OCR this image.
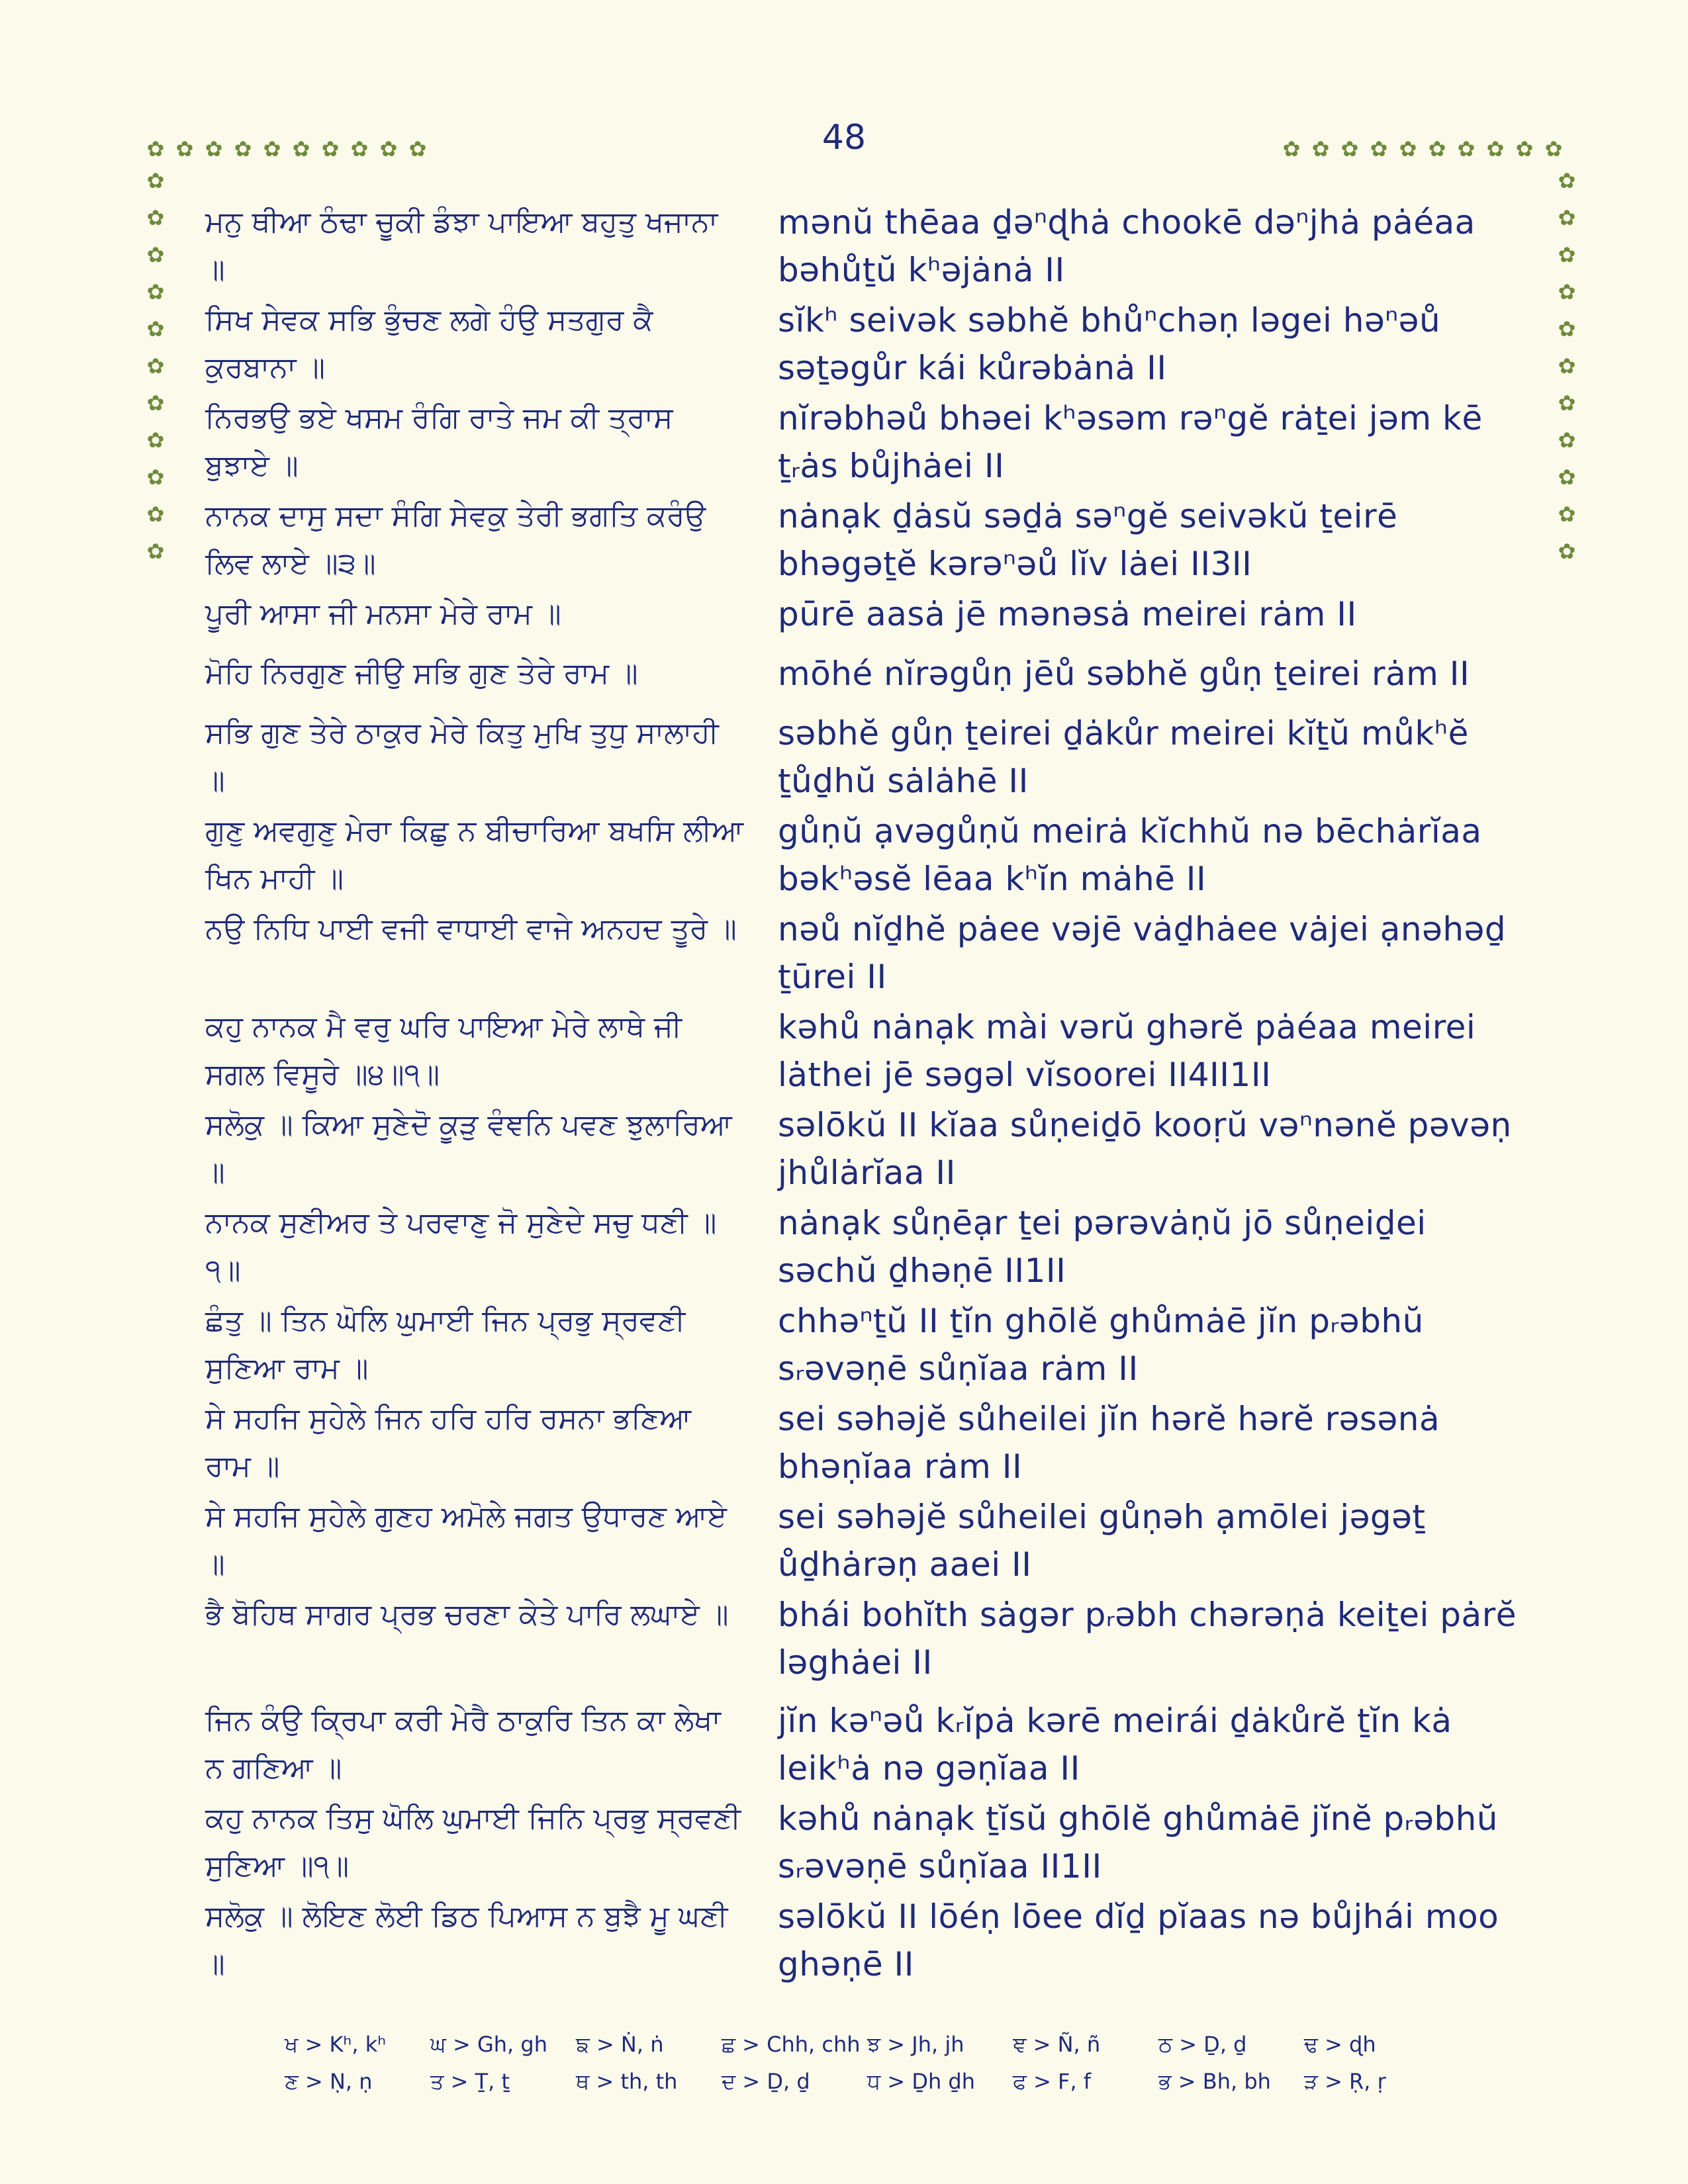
48
✿ ✿ ✿ ✿ ✿ ✿ ✿ ✿ ✿ ✿	✿ ✿ ✿ ✿ ✿ ✿ ✿ ✿ ✿ ✿
✿
✿
✿
✿
✿
✿
✿
✿
✿
✿
✿
✿
✿
✿
✿
✿
✿
✿
✿
✿
✿
✿
ਮਨੁ ਥੀਆ ਠੰਢਾ ਚੂਕੀ ਡੰਝਾ ਪਾਇਆ ਬਹੁਤੁ ਖਜਾਨਾ ॥
mənŭ thēaa ḏəⁿɖhȧ chookē dəⁿjhȧ pȧéaa bəhůṯŭ kʰəjȧnȧ II
ਸਿਖ ਸੇਵਕ ਸਭਿ ਭੁੰਚਣ ਲਗੇ ਹੰਉ ਸਤਗੁਰ ਕੈ ਕੁਰਬਾਨਾ ॥
sĭkʰ seivək səbhĕ bhůⁿchəṇ ləgei həⁿəů səṯəgůr kái kůrəbȧnȧ II
ਨਿਰਭਉ ਭਏ ਖਸਮ ਰੰਗਿ ਰਾਤੇ ਜਮ ਕੀ ਤ੍ਰਾਸ ਬੁਝਾਏ ॥
nĭrəbhəů bhəei kʰəsəm rəⁿgĕ rȧṯei jəm kē ṯᵣȧs bůjhȧei II
ਨਾਨਕ ਦਾਸੁ ਸਦਾ ਸੰਗਿ ਸੇਵਕੁ ਤੇਰੀ ਭਗਤਿ ਕਰੰਉ ਲਿਵ ਲਾਏ ॥੩॥
nȧnạk ḏȧsŭ səḏȧ səⁿgĕ seivəkŭ ṯeirē bhəgəṯĕ kərəⁿəů lĭv lȧei II3II
ਪੂਰੀ ਆਸਾ ਜੀ ਮਨਸਾ ਮੇਰੇ ਰਾਮ ॥	pūrē aasȧ jē mənəsȧ meirei rȧm II
ਮੋਹਿ ਨਿਰਗੁਣ ਜੀਉ ਸਭਿ ਗੁਣ ਤੇਰੇ ਰਾਮ ॥	mōhé nĭrəgůṇ jēů səbhĕ gůṇ ṯeirei rȧm II
ਸਭਿ ਗੁਣ ਤੇਰੇ ਠਾਕੁਰ ਮੇਰੇ ਕਿਤੁ ਮੁਖਿ ਤੁਧੁ ਸਾਲਾਹੀ ॥
səbhĕ gůṇ ṯeirei ḏȧkůr meirei kĭṯŭ můkʰĕ ṯůḏhŭ sȧlȧhē II
ਗੁਣੁ ਅਵਗੁਣੁ ਮੇਰਾ ਕਿਛੁ ਨ ਬੀਚਾਰਿਆ ਬਖਸਿ ਲੀਆ ਖਿਨ ਮਾਹੀ ॥
gůṇŭ ạvəgůṇŭ meirȧ kĭchhŭ nə bēchȧrĭaa bəkʰəsĕ lēaa kʰĭn mȧhē II
ਨਉ ਨਿਧਿ ਪਾਈ ਵਜੀ ਵਾਧਾਈ ਵਾਜੇ ਅਨਹਦ ਤੂਰੇ ॥	nəů nĭḏhĕ pȧee vəjē vȧḏhȧee vȧjei ạnəhəḏ ṯūrei II
ਕਹੁ ਨਾਨਕ ਮੈ ਵਰੁ ਘਰਿ ਪਾਇਆ ਮੇਰੇ ਲਾਥੇ ਜੀ ਸਗਲ ਵਿਸੂਰੇ ॥੪॥੧॥
kəhů nȧnạk mài vərŭ ghərĕ pȧéaa meirei lȧthei jē səgəl vĭsoorei II4II1II
ਸਲੋਕੁ ॥ ਕਿਆ ਸੁਣੇਦੋ ਕੂੜੁ ਵੰਞਨਿ ਪਵਣ ਝੁਲਾਰਿਆ ॥
səlōkŭ II kĭaa sůṇeiḏō kooṛŭ vəⁿnənĕ pəvəṇ jhůlȧrĭaa II
ਨਾਨਕ ਸੁਣੀਅਰ ਤੇ ਪਰਵਾਣੁ ਜੋ ਸੁਣੇਦੇ ਸਚੁ ਧਣੀ ॥੧॥
nȧnạk sůṇēạr ṯei pərəvȧṇŭ jō sůṇeiḏei səchŭ ḏhəṇē II1II
ਛੰਤੁ ॥ ਤਿਨ ਘੋਲਿ ਘੁਮਾਈ ਜਿਨ ਪ੍ਰਭੁ ਸ੍ਰਵਣੀ ਸੁਣਿਆ ਰਾਮ ॥
chhəⁿṯŭ II ṯĭn ghōlĕ ghůmȧē jĭn pᵣəbhŭ sᵣəvəṇē sůṇĭaa rȧm II
ਸੇ ਸਹਜਿ ਸੁਹੇਲੇ ਜਿਨ ਹਰਿ ਹਰਿ ਰਸਨਾ ਭਣਿਆ ਰਾਮ ॥
sei səhəjĕ sůheilei jĭn hərĕ hərĕ rəsənȧ bhəṇĭaa rȧm II
ਸੇ ਸਹਜਿ ਸੁਹੇਲੇ ਗੁਣਹ ਅਮੋਲੇ ਜਗਤ ਉਧਾਰਣ ਆਏ ॥
sei səhəjĕ sůheilei gůṇəh ạmōlei jəgəṯ ůḏhȧrəṇ aaei II
ਭੈ ਬੋਹਿਥ ਸਾਗਰ ਪ੍ਰਭ ਚਰਣਾ ਕੇਤੇ ਪਾਰਿ ਲਘਾਏ ॥	bhái bohĭth sȧgər pᵣəbh chərəṇȧ keiṯei pȧrĕ ləghȧei II
ਜਿਨ ਕੰਉ ਕ੍ਰਿਪਾ ਕਰੀ ਮੇਰੈ ਠਾਕੁਰਿ ਤਿਨ ਕਾ ਲੇਖਾ ਨ ਗਣਿਆ ॥
jĭn kəⁿəů kᵣĭpȧ kərē meirái ḏȧkůrĕ ṯĭn kȧ leikʰȧ nə gəṇĭaa II
ਕਹੁ ਨਾਨਕ ਤਿਸੁ ਘੋਲਿ ਘੁਮਾਈ ਜਿਨਿ ਪ੍ਰਭੁ ਸ੍ਰਵਣੀ ਸੁਣਿਆ ॥੧॥
kəhů nȧnạk ṯĭsŭ ghōlĕ ghůmȧē jĭnĕ pᵣəbhŭ sᵣəvəṇē sůṇĭaa II1II
ਸਲੋਕੁ ॥ ਲੋਇਣ ਲੋਈ ਡਿਠ ਪਿਆਸ ਨ ਬੁਝੈ ਮੂ ਘਣੀ ॥
səlōkŭ II lōéṇ lōee dĭḏ pĭaas nə bůjhái moo ghəṇē II
ਖ > Kʰ, kʰ	ਘ > Gh, gh	ਙ > Ṅ, ṅ	ਛ > Chh, chh ਝ > Jh, jh	ਞ > Ñ, ñ	ਠ > Ḏ, ḏ	ਢ > ɖh
ਣ > Ṇ, ṇ	ਤ > Ṯ, ṯ	ਥ > th, th	ਦ > Ḏ, ḏ	ਧ > Ḏh ḏh	ਫ > F, f	ਭ > Bh, bh	ੜ > Ṛ, ṛ
